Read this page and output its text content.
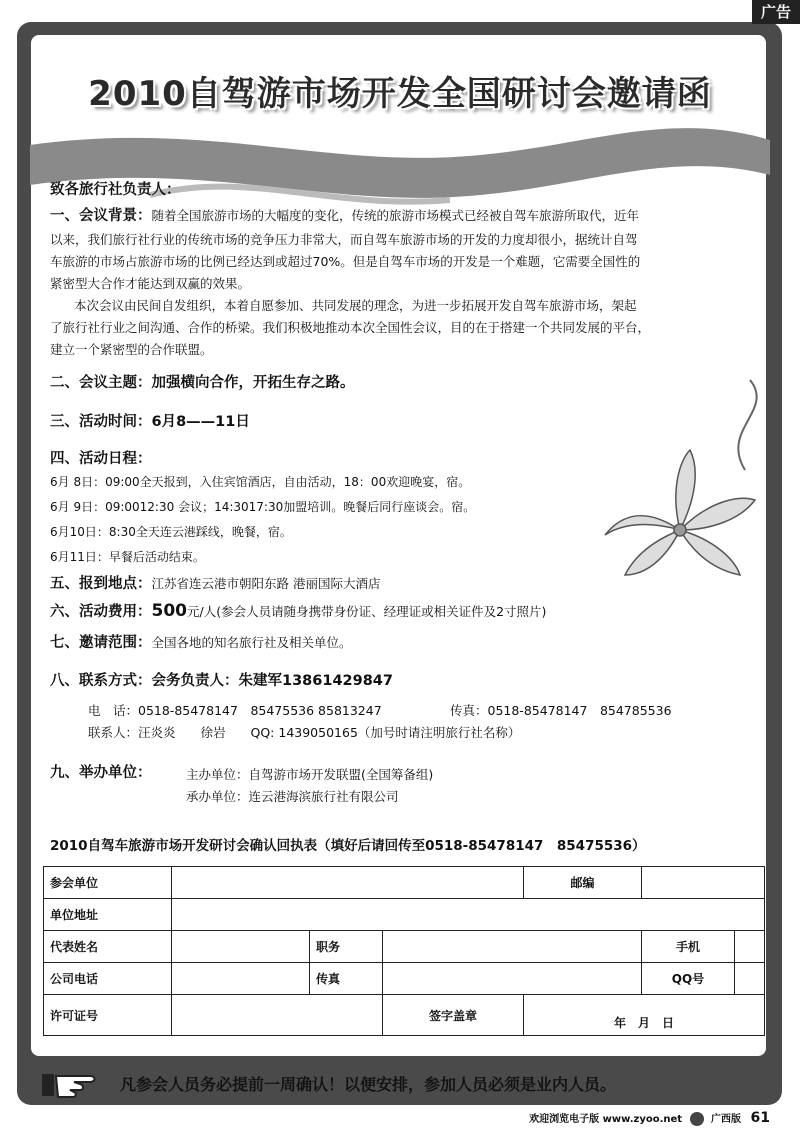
广告
2010自驾游市场开发全国研讨会邀请函
致各旅行社负责人：
一、会议背景：随着全国旅游市场的大幅度的变化，传统的旅游市场模式已经被自驾车旅游所取代，近年
以来，我们旅行社行业的传统市场的竞争压力非常大，而自驾车旅游市场的开发的力度却很小，据统计自驾
车旅游的市场占旅游市场的比例已经达到或超过70%。但是自驾车市场的开发是一个难题，它需要全国性的
紧密型大合作才能达到双赢的效果。
本次会议由民间自发组织，本着自愿参加、共同发展的理念，为进一步拓展开发自驾车旅游市场，架起
了旅行社行业之间沟通、合作的桥梁。我们积极地推动本次全国性会议，目的在于搭建一个共同发展的平台，
建立一个紧密型的合作联盟。
二、会议主题：加强横向合作，开拓生存之路。
三、活动时间：6月8——11日
四、活动日程：
6月 8日：09:00全天报到，入住宾馆酒店，自由活动，18：00欢迎晚宴，宿。
6月 9日：09:0012:30 会议；14:3017:30加盟培训。晚餐后同行座谈会。宿。
6月10日：8:30全天连云港踩线，晚餐，宿。
6月11日：早餐后活动结束。
五、报到地点：江苏省连云港市朝阳东路 港丽国际大酒店
六、活动费用：500元/人(参会人员请随身携带身份证、经理证或相关证件及2寸照片)
七、邀请范围：全国各地的知名旅行社及相关单位。
八、联系方式：会务负责人：朱建军13861429847
电　话：0518-85478147　85475536 85813247	传真：0518-85478147　854785536
联系人：汪炎炎　　徐岩　　QQ: 1439050165（加号时请注明旅行社名称）
九、举办单位：	主办单位：自驾游市场开发联盟(全国筹备组)
承办单位：连云港海滨旅行社有限公司
2010自驾车旅游市场开发研讨会确认回执表（填好后请回传至0518-85478147　85475536）
参会单位				邮编		
单位地址						
代表姓名		职务			手机	
公司电话		传真			QQ号	
许可证号			签字盖章	年　月　日		
凡参会人员务必提前一周确认！以便安排，参加人员必须是业内人员。
欢迎浏览电子版 www.zyoo.net	广西版 61
